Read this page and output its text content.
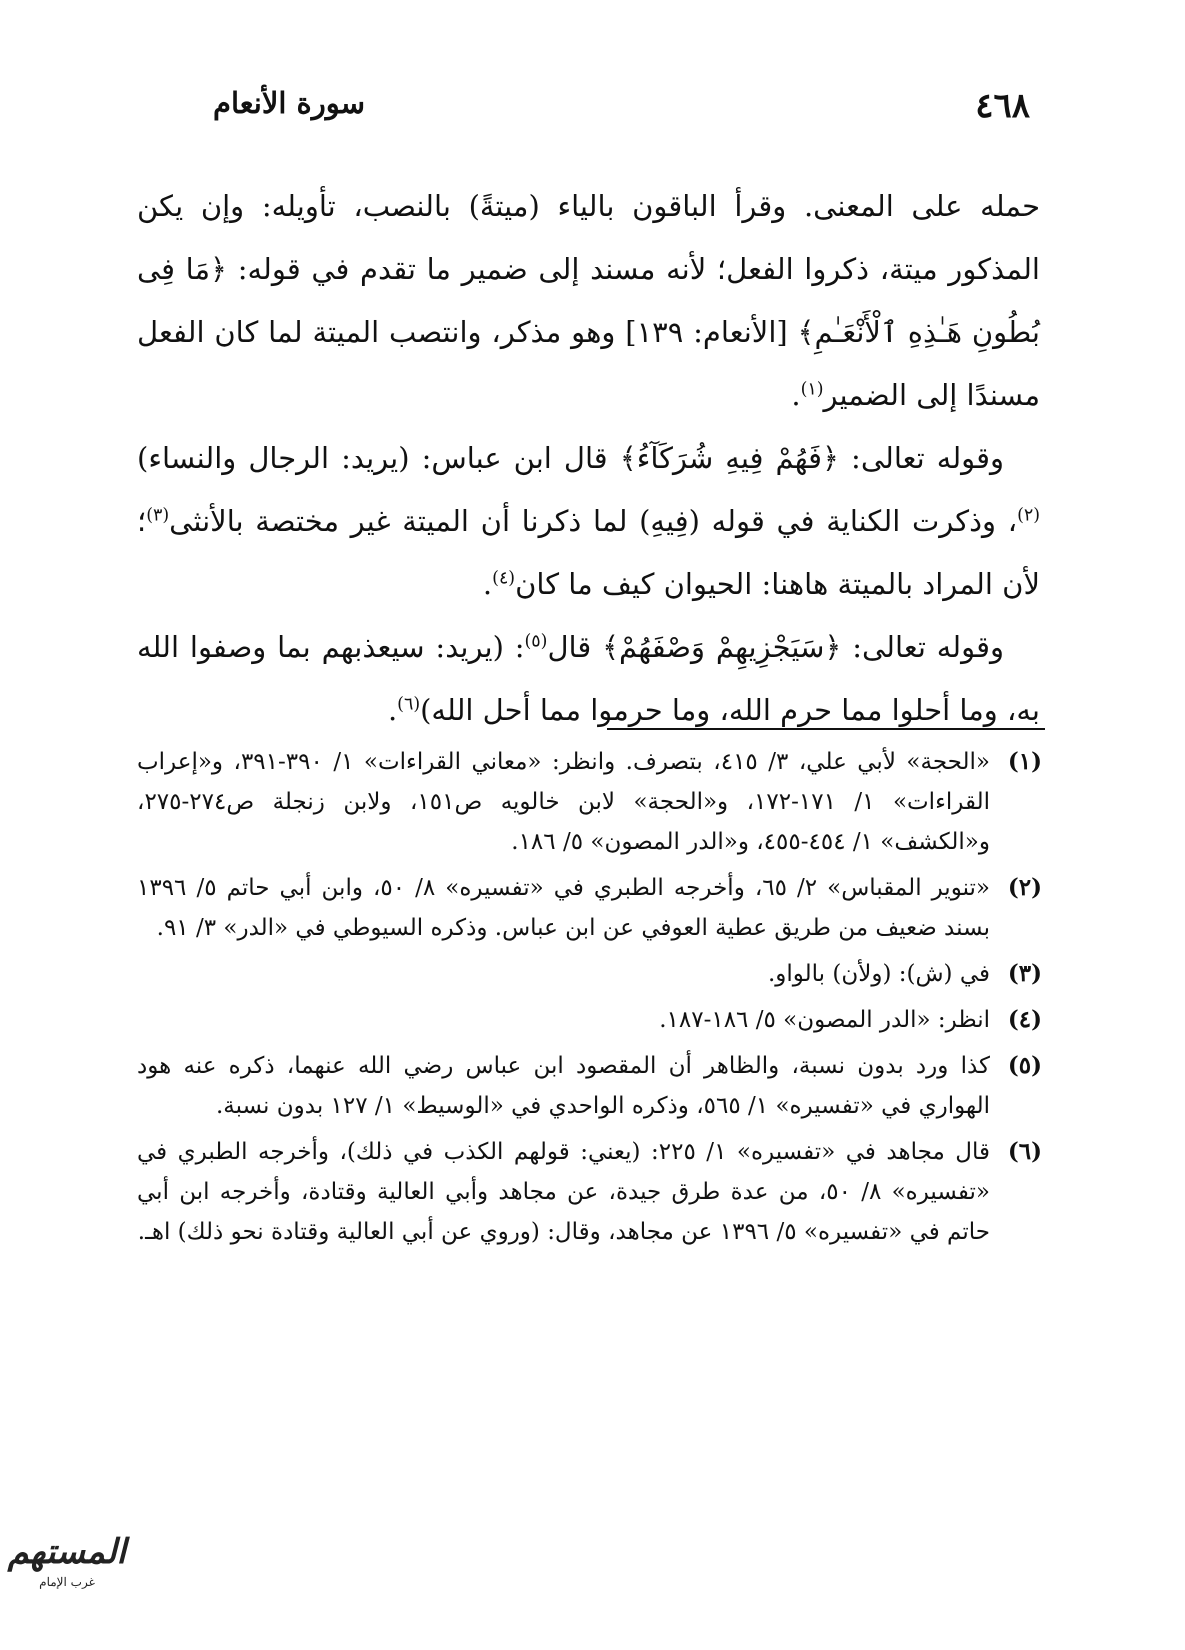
٤٦٨
سورة الأنعام

حمله على المعنى. وقرأ الباقون بالياء (ميتةً) بالنصب، تأويله: وإن يكن المذكور ميتة، ذكروا الفعل؛ لأنه مسند إلى ضمير ما تقدم في قوله: ﴿مَا فِى بُطُونِ هَـٰذِهِ ٱلْأَنْعَـٰمِ﴾ [الأنعام: ١٣٩] وهو مذكر، وانتصب الميتة لما كان الفعل مسندًا إلى الضمير$^{(١)}$.

وقوله تعالى: ﴿فَهُمْ فِيهِ شُرَكَآءُ﴾ قال ابن عباس: (يريد: الرجال والنساء)$^{(٢)}$، وذكرت الكناية في قوله (فِيهِ) لما ذكرنا أن الميتة غير مختصة بالأنثى$^{(٣)}$؛ لأن المراد بالميتة هاهنا: الحيوان كيف ما كان$^{(٤)}$.

وقوله تعالى: ﴿سَيَجْزِيهِمْ وَصْفَهُمْ﴾ قال$^{(٥)}$: (يريد: سيعذبهم بما وصفوا الله به، وما أحلوا مما حرم الله، وما حرموا مما أحل الله)$^{(٦)}$.

(١)
«الحجة» لأبي علي، ٣/ ٤١٥، بتصرف. وانظر: «معاني القراءات» ١/ ٣٩٠-٣٩١، و«إعراب القراءات» ١/ ١٧١-١٧٢، و«الحجة» لابن خالويه ص١٥١، ولابن زنجلة ص٢٧٤-٢٧٥، و«الكشف» ١/ ٤٥٤-٤٥٥، و«الدر المصون» ٥/ ١٨٦.
(٢)
«تنوير المقباس» ٢/ ٦٥، وأخرجه الطبري في «تفسيره» ٨/ ٥٠، وابن أبي حاتم ٥/ ١٣٩٦ بسند ضعيف من طريق عطية العوفي عن ابن عباس. وذكره السيوطي في «الدر» ٣/ ٩١.
(٣)
في (ش): (ولأن) بالواو.
(٤)
انظر: «الدر المصون» ٥/ ١٨٦-١٨٧.
(٥)
كذا ورد بدون نسبة، والظاهر أن المقصود ابن عباس رضي الله عنهما، ذكره عنه هود الهواري في «تفسيره» ١/ ٥٦٥، وذكره الواحدي في «الوسيط» ١/ ١٢٧ بدون نسبة.
(٦)
قال مجاهد في «تفسيره» ١/ ٢٢٥: (يعني: قولهم الكذب في ذلك)، وأخرجه الطبري في «تفسيره» ٨/ ٥٠، من عدة طرق جيدة، عن مجاهد وأبي العالية وقتادة، وأخرجه ابن أبي حاتم في «تفسيره» ٥/ ١٣٩٦ عن مجاهد، وقال: (وروي عن أبي العالية وقتادة نحو ذلك) اهـ.
المستهم
غرب الإمام
